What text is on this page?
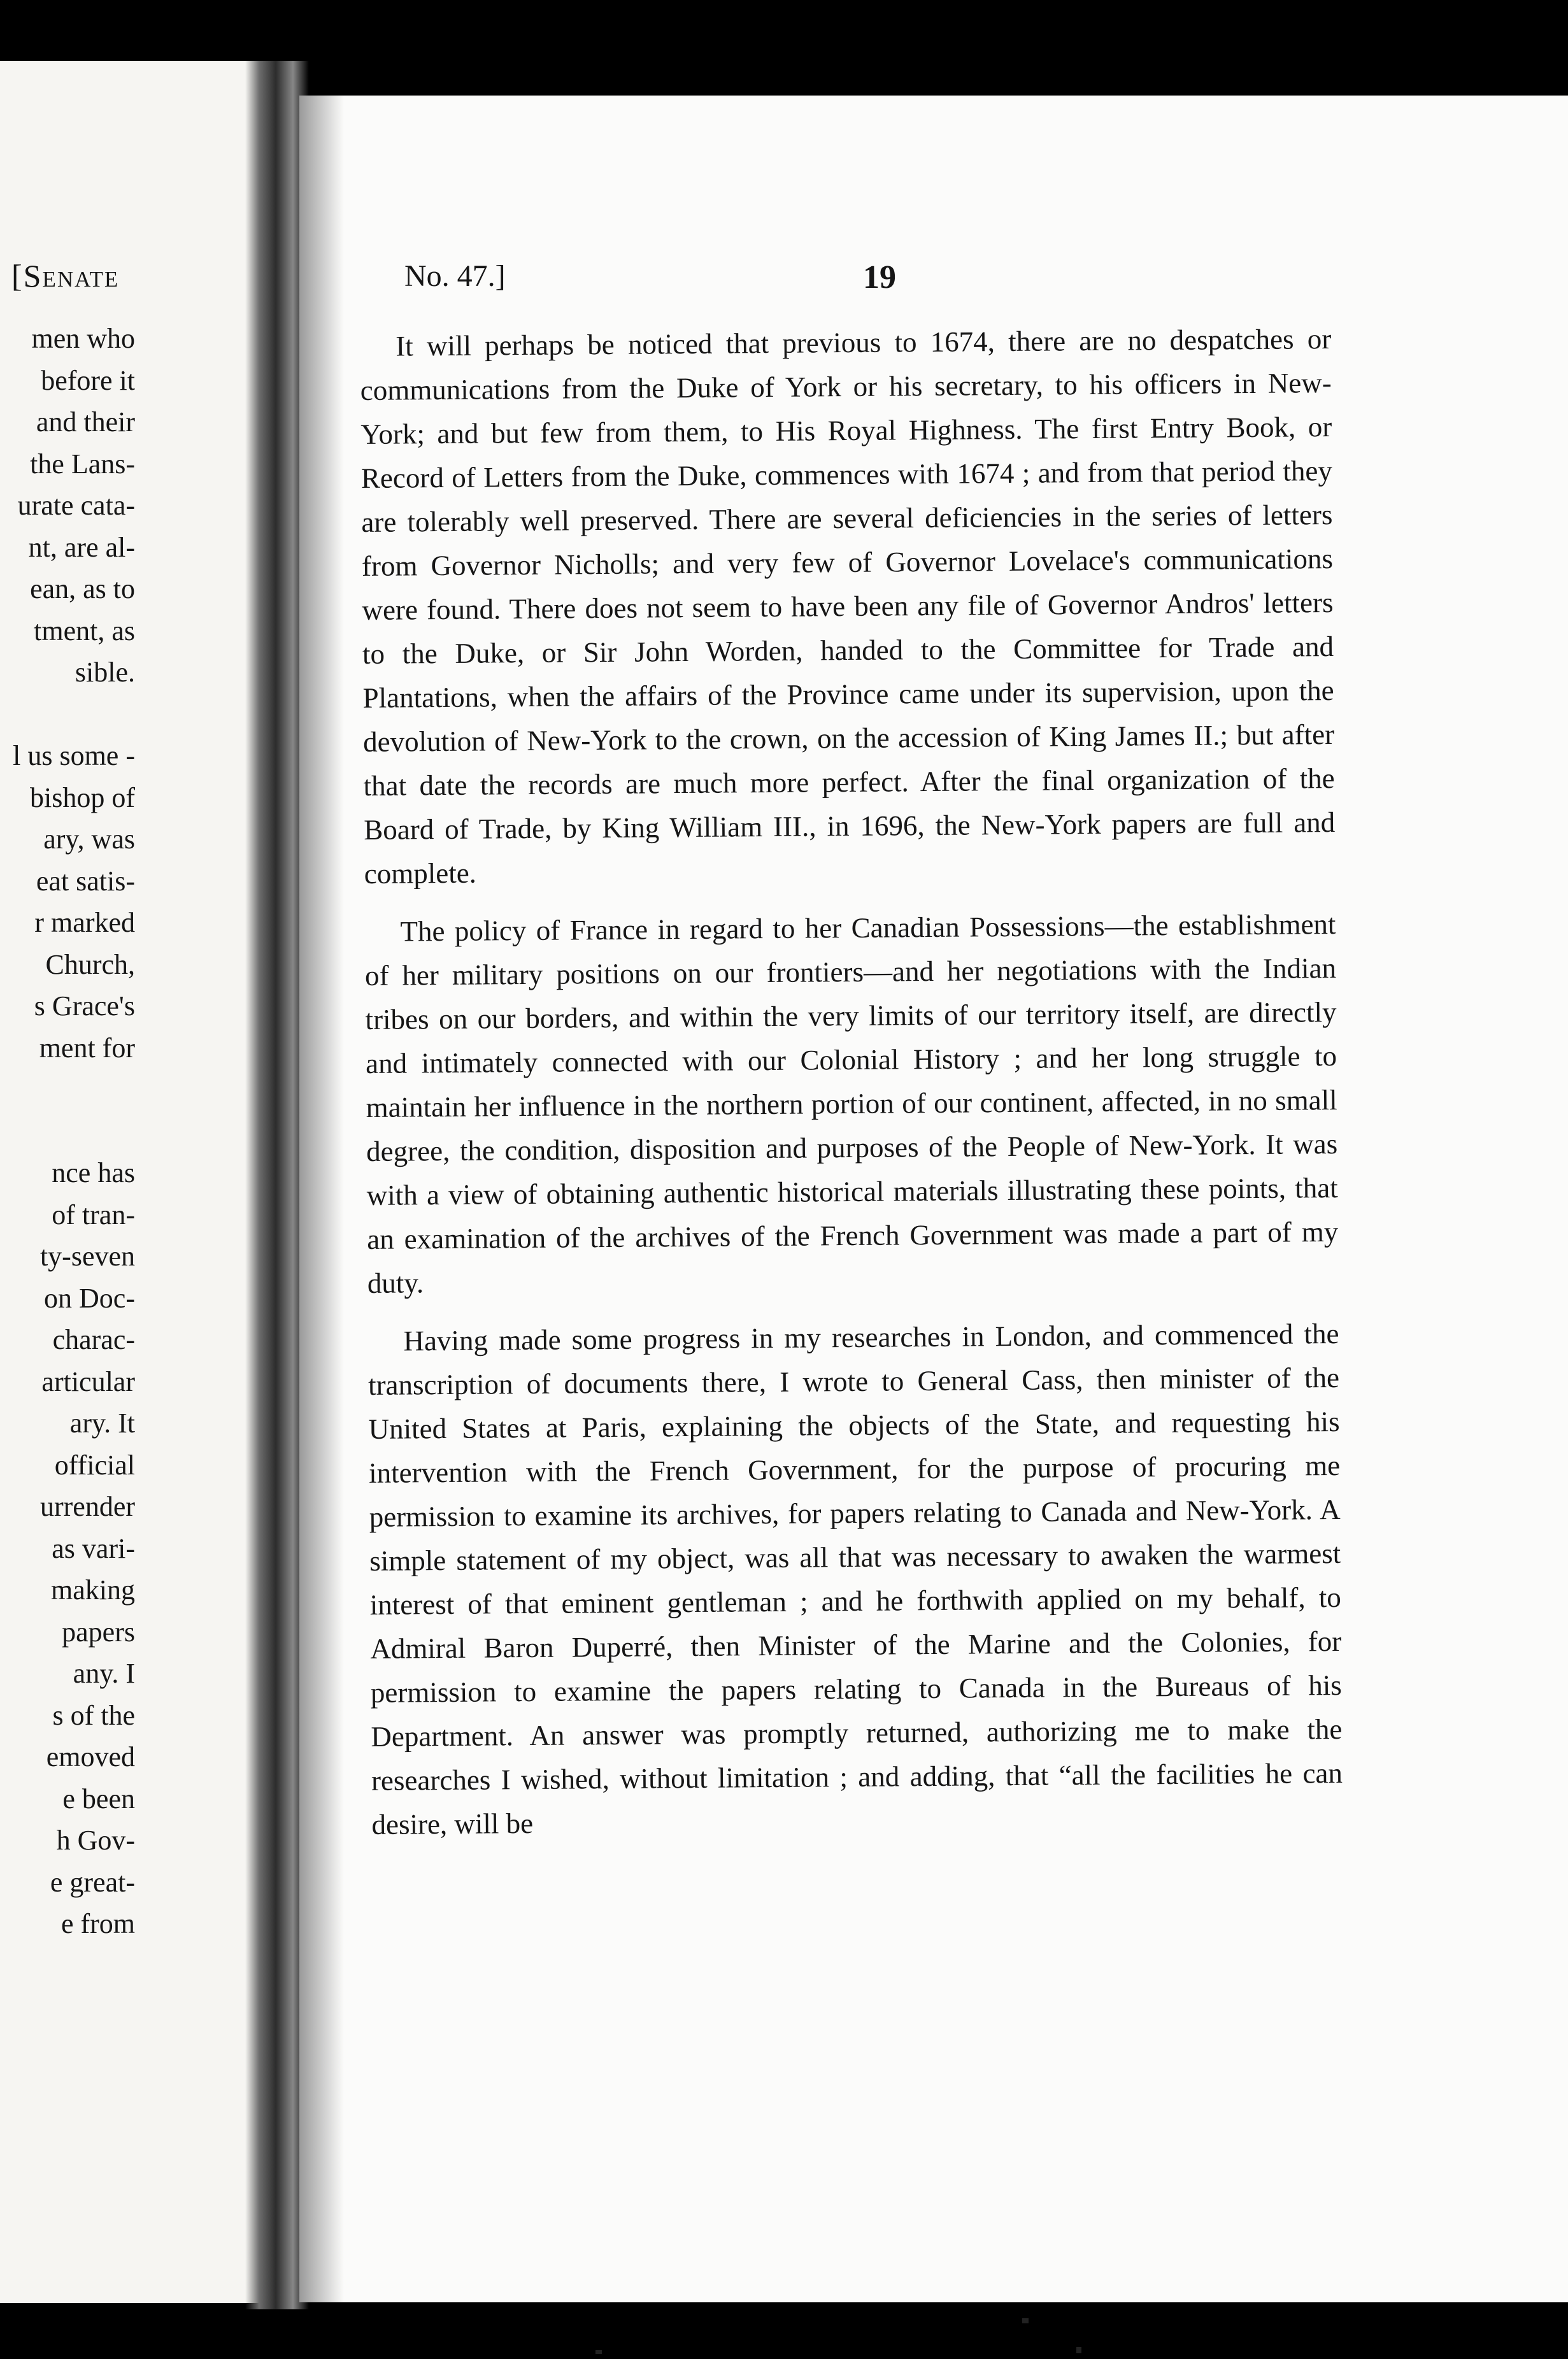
[Senate
men who
before it
and their
the Lans-
urate cata-
nt, are al-
ean, as to
tment, as
sible.
l us some -
bishop of
ary, was
eat satis-
r marked
Church,
s Grace's
ment for
nce has
of tran-
ty-seven
on Doc-
charac-
articular
ary. It
official
urrender
as vari-
making
papers
any. I
s of the
emoved
e been
h Gov-
e great-
e from
No. 47.]	19

It will perhaps be noticed that previous to 1674, there are no despatches or communications from the Duke of York or his secretary, to his officers in New-York; and but few from them, to His Royal Highness. The first Entry Book, or Record of Letters from the Duke, commences with 1674 ; and from that period they are tolerably well preserved. There are several deficiencies in the series of letters from Governor Nicholls; and very few of Governor Lovelace's communications were found. There does not seem to have been any file of Governor Andros' letters to the Duke, or Sir John Worden, handed to the Committee for Trade and Plantations, when the affairs of the Province came under its supervision, upon the devolution of New-York to the crown, on the accession of King James II.; but after that date the records are much more perfect. After the final organization of the Board of Trade, by King William III., in 1696, the New-York papers are full and complete.

The policy of France in regard to her Canadian Possessions—the establishment of her military positions on our frontiers—and her negotiations with the Indian tribes on our borders, and within the very limits of our territory itself, are directly and intimately connected with our Colonial History ; and her long struggle to maintain her influence in the northern portion of our continent, affected, in no small degree, the condition, disposition and purposes of the People of New-York. It was with a view of obtaining authentic historical materials illustrating these points, that an examination of the archives of the French Government was made a part of my duty.

Having made some progress in my researches in London, and commenced the transcription of documents there, I wrote to General Cass, then minister of the United States at Paris, explaining the objects of the State, and requesting his intervention with the French Government, for the purpose of procuring me permission to examine its archives, for papers relating to Canada and New-York. A simple statement of my object, was all that was necessary to awaken the warmest interest of that eminent gentleman ; and he forthwith applied on my behalf, to Admiral Baron Duperré, then Minister of the Marine and the Colonies, for permission to examine the papers relating to Canada in the Bureaus of his Department. An answer was promptly returned, authorizing me to make the researches I wished, without limitation ; and adding, that “all the facilities he can desire, will be
